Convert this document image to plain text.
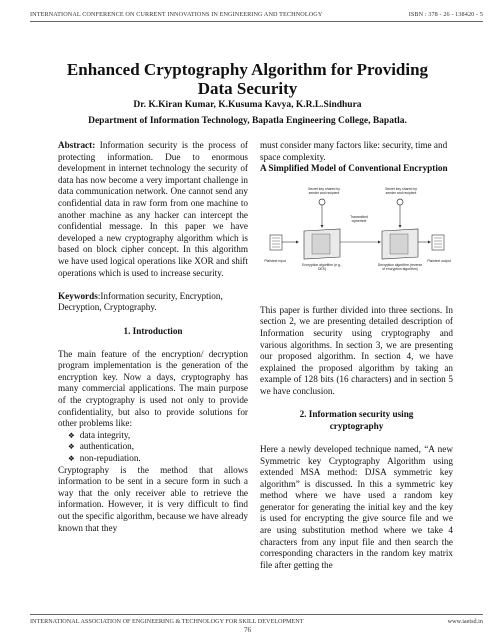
INTERNATIONAL CONFERENCE ON CURRENT INNOVATIONS IN ENGINEERING AND TECHNOLOGY	ISBN : 378 - 26 - 138420 - 5
Enhanced Cryptography Algorithm for Providing
Data Security
Dr. K.Kiran Kumar, K.Kusuma Kavya, K.R.L.Sindhura
Department of Information Technology, Bapatla Engineering College, Bapatla.

Abstract: Information security is the process of protecting information. Due to enormous development in internet technology the security of data has now become a very important challenge in data communication network. One cannot send any confidential data in raw form from one machine to another machine as any hacker can intercept the confidential message. In this paper we have developed a new cryptography algorithm which is based on block cipher concept. In this algorithm we have used logical operations like XOR and shift operations which is used to increase security.

Keywords:Information security, Encryption, Decryption, Cryptography.

1. Introduction

The main feature of the encryption/ decryption program implementation is the generation of the encryption key. Now a days, cryptography has many commercial applications. The main purpose of the cryptography is used not only to provide confidentiality, but also to provide solutions for other problems like:

❖ data integrity,
❖ authentication,
❖ non-repudiation.

Cryptography is the method that allows information to be sent in a secure form in such a way that the only receiver able to retrieve the information. However, it is very difficult to find out the specific algorithm, because we have already known that they

must consider many factors like: security, time and space complexity.

A Simplified Model of Conventional Encryption

Secret key shared by sender and recipient
Secret key shared by sender and recipient
Transmitted ciphertext
Plaintext input
Encryption algorithm (e.g., DES)
Decryption algorithm (reverse of encryption algorithm)
Plaintext output

This paper is further divided into three sections. In section 2, we are presenting detailed description of Information security using cryptography and various algorithms. In section 3, we are presenting our proposed algorithm. In section 4, we have explained the proposed algorithm by taking an example of 128 bits (16 characters) and in section 5 we have conclusion.

2. Information security using
cryptography

Here a newly developed technique named, “A new Symmetric key Cryptography Algorithm using extended MSA method: DJSA symmetric key algorithm” is discussed. In this a symmetric key method where we have used a random key generator for generating the initial key and the key is used for encrypting the give source file and we are using substitution method where we take 4 characters from any input file and then search the corresponding characters in the random key matrix file after getting the

INTERNATIONAL ASSOCIATION OF ENGINEERING & TECHNOLOGY FOR SKILL DEVELOPMENT	www.iaetsd.in
76
